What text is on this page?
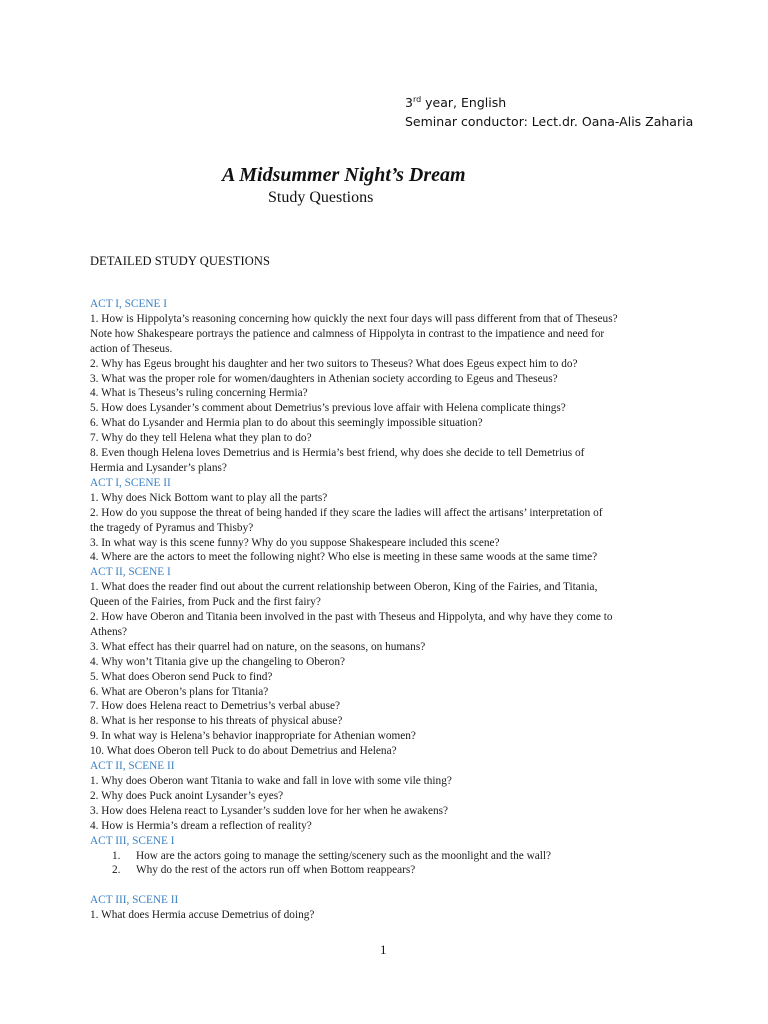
3rd year, English
Seminar conductor: Lect.dr. Oana-Alis Zaharia
A Midsummer Night’s Dream
Study Questions
DETAILED STUDY QUESTIONS
ACT I, SCENE I
1. How is Hippolyta’s reasoning concerning how quickly the next four days will pass different from that of Theseus?
Note how Shakespeare portrays the patience and calmness of Hippolyta in contrast to the impatience and need for
action of Theseus.
2. Why has Egeus brought his daughter and her two suitors to Theseus? What does Egeus expect him to do?
3. What was the proper role for women/daughters in Athenian society according to Egeus and Theseus?
4. What is Theseus’s ruling concerning Hermia?
5. How does Lysander’s comment about Demetrius’s previous love affair with Helena complicate things?
6. What do Lysander and Hermia plan to do about this seemingly impossible situation?
7. Why do they tell Helena what they plan to do?
8. Even though Helena loves Demetrius and is Hermia’s best friend, why does she decide to tell Demetrius of
Hermia and Lysander’s plans?
ACT I, SCENE II
1. Why does Nick Bottom want to play all the parts?
2. How do you suppose the threat of being handed if they scare the ladies will affect the artisans’ interpretation of
the tragedy of Pyramus and Thisby?
3. In what way is this scene funny? Why do you suppose Shakespeare included this scene?
4. Where are the actors to meet the following night? Who else is meeting in these same woods at the same time?
ACT II, SCENE I
1. What does the reader find out about the current relationship between Oberon, King of the Fairies, and Titania,
Queen of the Fairies, from Puck and the first fairy?
2. How have Oberon and Titania been involved in the past with Theseus and Hippolyta, and why have they come to
Athens?
3. What effect has their quarrel had on nature, on the seasons, on humans?
4. Why won’t Titania give up the changeling to Oberon?
5. What does Oberon send Puck to find?
6. What are Oberon’s plans for Titania?
7. How does Helena react to Demetrius’s verbal abuse?
8. What is her response to his threats of physical abuse?
9. In what way is Helena’s behavior inappropriate for Athenian women?
10. What does Oberon tell Puck to do about Demetrius and Helena?
ACT II, SCENE II
1. Why does Oberon want Titania to wake and fall in love with some vile thing?
2. Why does Puck anoint Lysander’s eyes?
3. How does Helena react to Lysander’s sudden love for her when he awakens?
4. How is Hermia’s dream a reflection of reality?
ACT III, SCENE I
1. How are the actors going to manage the setting/scenery such as the moonlight and the wall?
2. Why do the rest of the actors run off when Bottom reappears?
ACT III, SCENE II
1. What does Hermia accuse Demetrius of doing?
1
